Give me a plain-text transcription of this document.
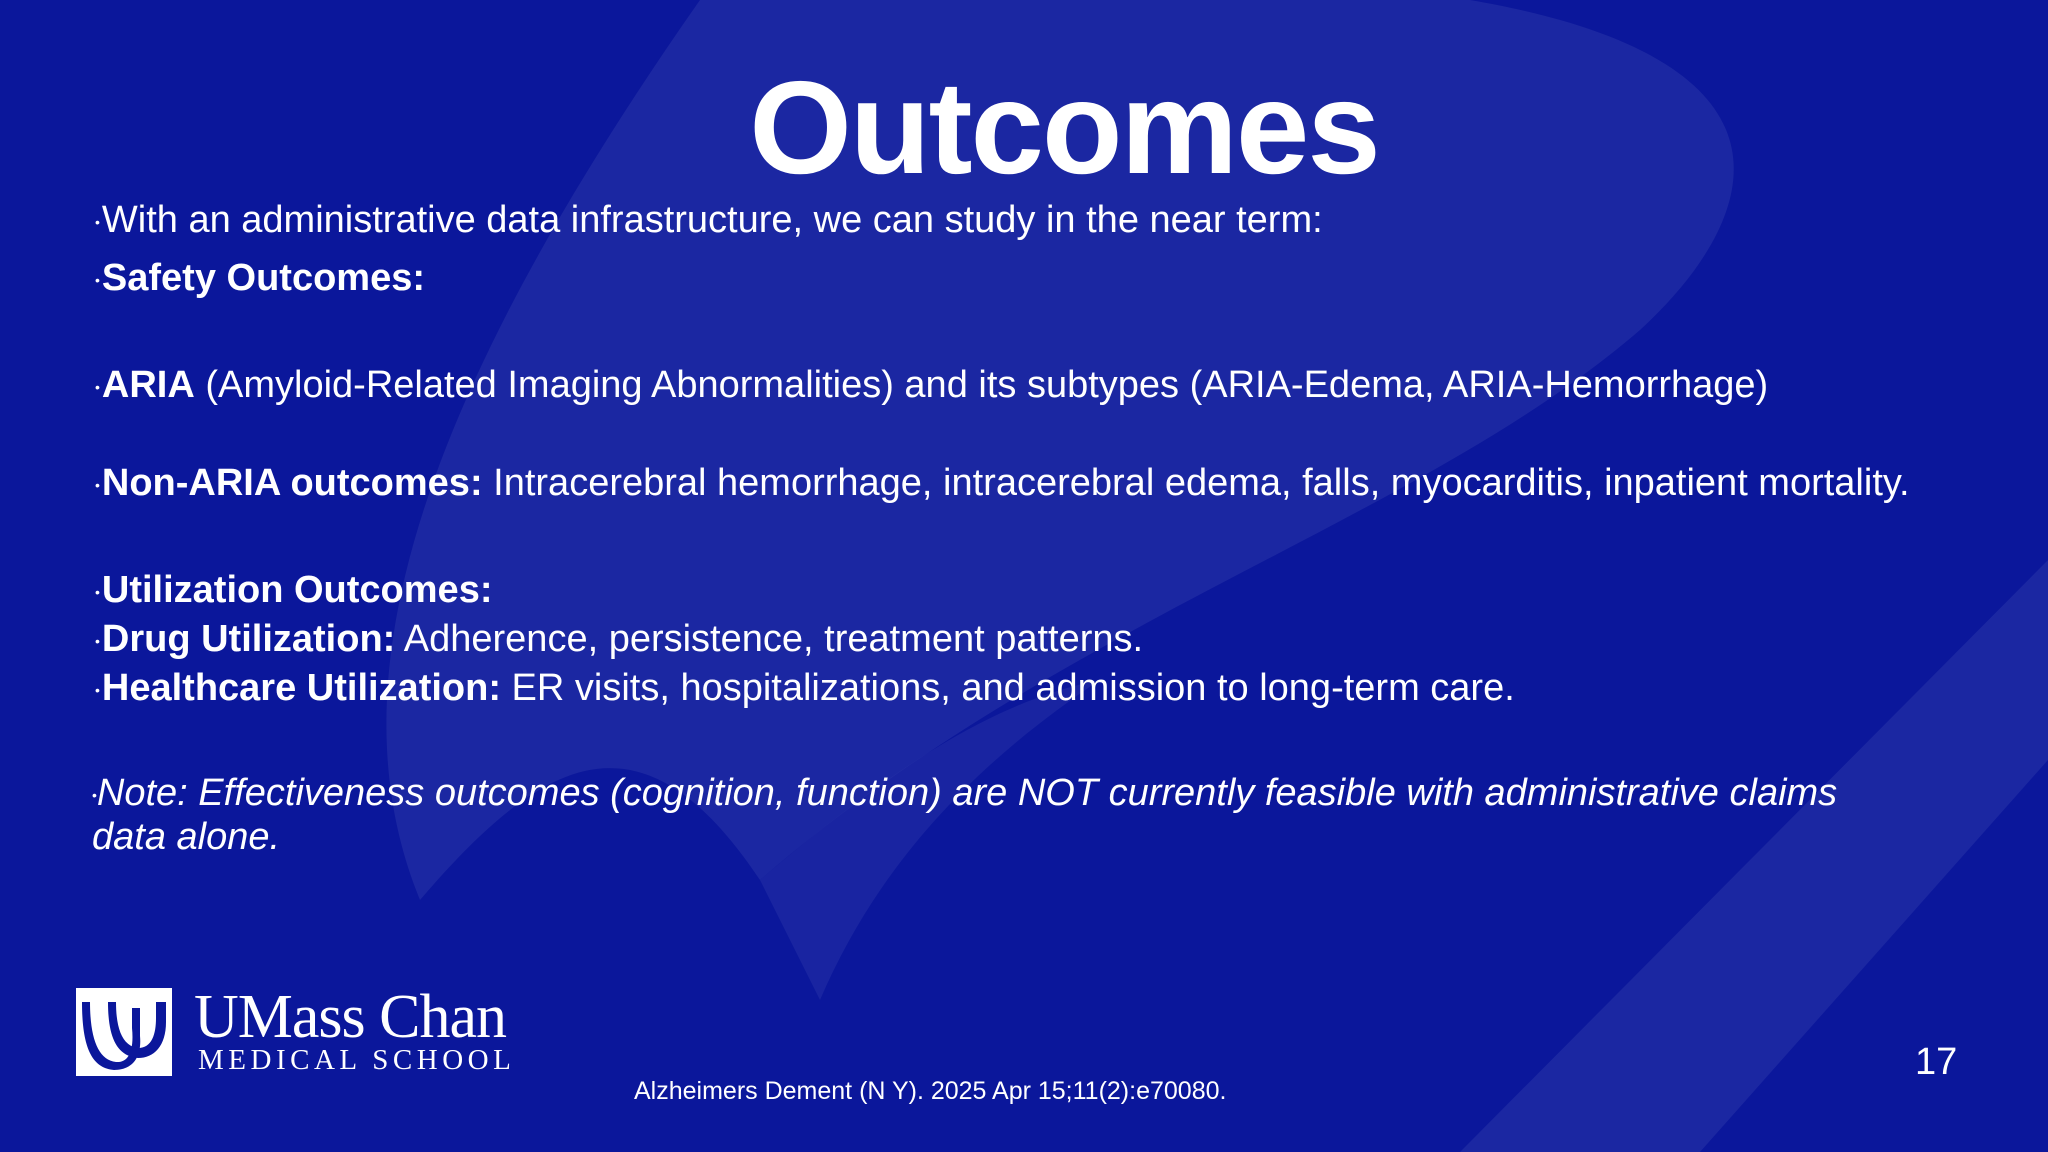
Outcomes
•With an administrative data infrastructure, we can study in the near term:
•Safety Outcomes:
•ARIA (Amyloid-Related Imaging Abnormalities) and its subtypes (ARIA-Edema, ARIA-Hemorrhage)
•Non-ARIA outcomes: Intracerebral hemorrhage, intracerebral edema, falls, myocarditis, inpatient mortality.
•Utilization Outcomes:
•Drug Utilization: Adherence, persistence, treatment patterns.
•Healthcare Utilization: ER visits, hospitalizations, and admission to long-term care.
•Note: Effectiveness outcomes (cognition, function) are NOT currently feasible with administrative claims data alone.
UMass Chan
MEDICAL SCHOOL
Alzheimers Dement (N Y). 2025 Apr 15;11(2):e70080.
17
